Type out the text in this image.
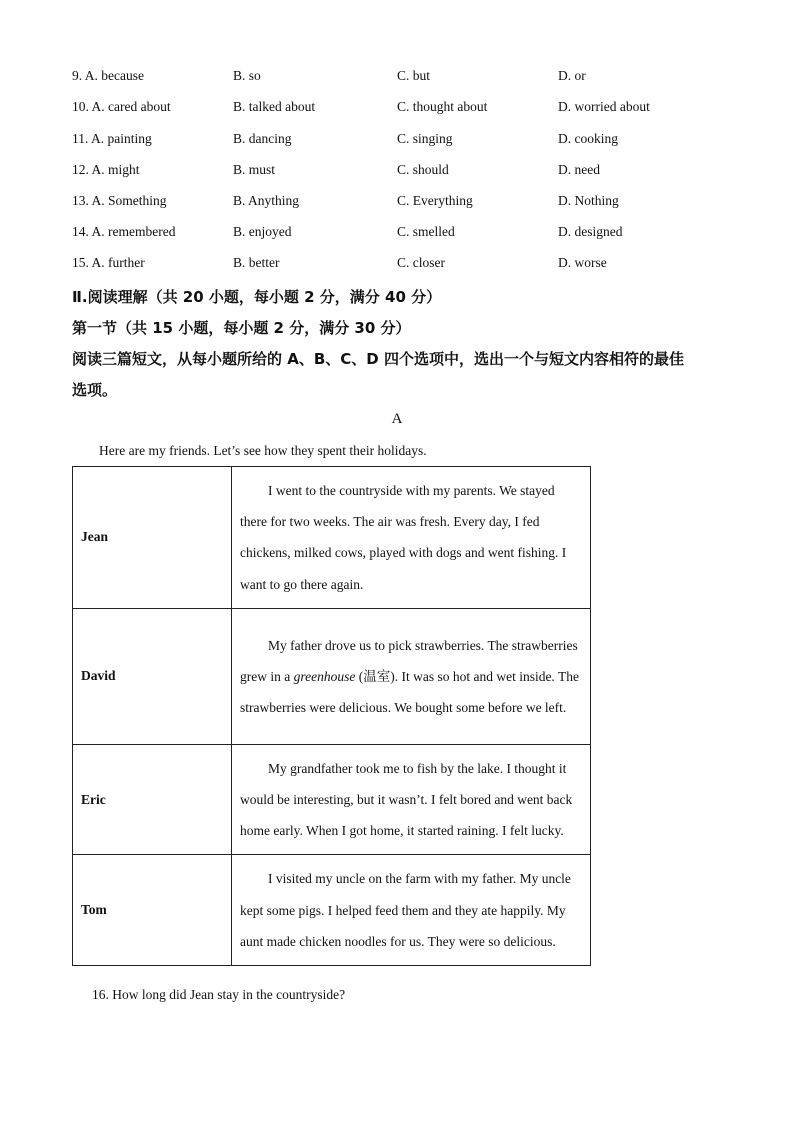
9. A. because	B. so	C. but	D. or
10. A. cared about	B. talked about	C. thought about	D. worried about
11. A. painting	B. dancing	C. singing	D. cooking
12. A. might	B. must	C. should	D. need
13. A. Something	B. Anything	C. Everything	D. Nothing
14. A. remembered	B. enjoyed	C. smelled	D. designed
15. A. further	B. better	C. closer	D. worse
Ⅱ.阅读理解（共 20 小题，每小题 2 分，满分 40 分）
第一节（共 15 小题，每小题 2 分，满分 30 分）
阅读三篇短文，从每小题所给的 A、B、C、D 四个选项中，选出一个与短文内容相符的最佳
选项。
A
Here are my friends. Let’s see how they spent their holidays.
Jean	I went to the countryside with my parents. We stayed there for two weeks. The air was fresh. Every day, I fed chickens, milked cows, played with dogs and went fishing. I want to go there again.
David	My father drove us to pick strawberries. The strawberries grew in a greenhouse (温室). It was so hot and wet inside. The strawberries were delicious. We bought some before we left.
Eric	My grandfather took me to fish by the lake. I thought it would be interesting, but it wasn’t. I felt bored and went back home early. When I got home, it started raining. I felt lucky.
Tom	I visited my uncle on the farm with my father. My uncle kept some pigs. I helped feed them and they ate happily. My aunt made chicken noodles for us. They were so delicious.
16. How long did Jean stay in the countryside?
